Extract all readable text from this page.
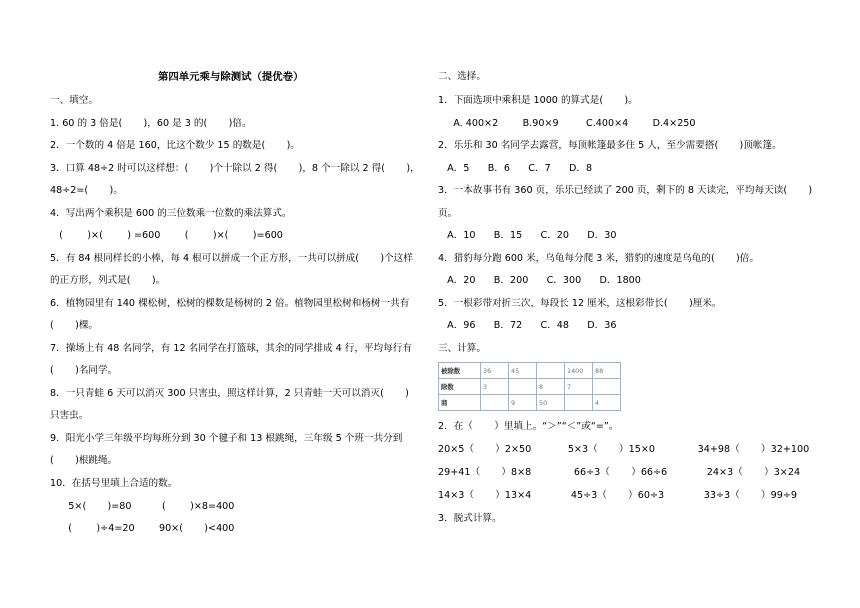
第四单元乘与除测试（提优卷）
一、填空。
1. 60 的 3 倍是(       )，60 是 3 的(       )倍。
2．一个数的 4 倍是 160，比这个数少 15 的数是(       )。
3．口算 48÷2 时可以这样想：(       )个十除以 2 得(       )，8 个一除以 2 得(       )，
48÷2=(       )。
4．写出两个乘积是 600 的三位数乘一位数的乘法算式。
(        )×(        ) =600        (        )×(        )=600
5．有 84 根同样长的小棒，每 4 根可以拼成一个正方形，一共可以拼成(       )个这样
的正方形，列式是(       )。
6．植物园里有 140 棵松树，松树的棵数是杨树的 2 倍。植物园里松树和杨树一共有
(       )棵。
7．操场上有 48 名同学，有 12 名同学在打篮球，其余的同学排成 4 行，平均每行有
(       )名同学。
8．一只青蛙 6 天可以消灭 300 只害虫，照这样计算，2 只青蛙一天可以消灭(       )
只害虫。
9．阳光小学三年级平均每班分到 30 个毽子和 13 根跳绳，三年级 5 个班一共分到
(       )根跳绳。
10．在括号里填上合适的数。
5×(       )=80          (        )×8=400
(        )÷4=20        90×(       )<400
二、选择。
1．下面选项中乘积是 1000 的算式是(       )。
A. 400×2        B.90×9         C.400×4        D.4×250
2．乐乐和 30 名同学去露营，每顶帐篷最多住 5 人，至少需要搭(       )顶帐篷。
A．5      B．6      C．7      D．8
3．一本故事书有 360 页，乐乐已经读了 200 页，剩下的 8 天读完，平均每天读(       )
页。
A．10      B．15      C．20      D．30
4．猎豹每分跑 600 米，乌龟每分爬 3 米，猎豹的速度是乌龟的(       )倍。
A．20      B．200      C．300      D．1800
5．一根彩带对折三次，每段长 12 厘米，这根彩带长(       )厘米。
A．96      B．72      C．48      D．36
三、计算。
被除数	36	45		1400	88
除数	3		8	7	
商		9	50		4
2．在（       ）里填上。“＞”“＜”或“=”。
20×5（       ）2×50            5×3（       ）15×0              34+98（       ）32+100
29+41（       ）8×8              66÷3（       ）66÷6             24×3（       ）3×24
14×3（       ）13×4             45÷3（       ）60÷3             33÷3（       ）99÷9
3．脱式计算。
